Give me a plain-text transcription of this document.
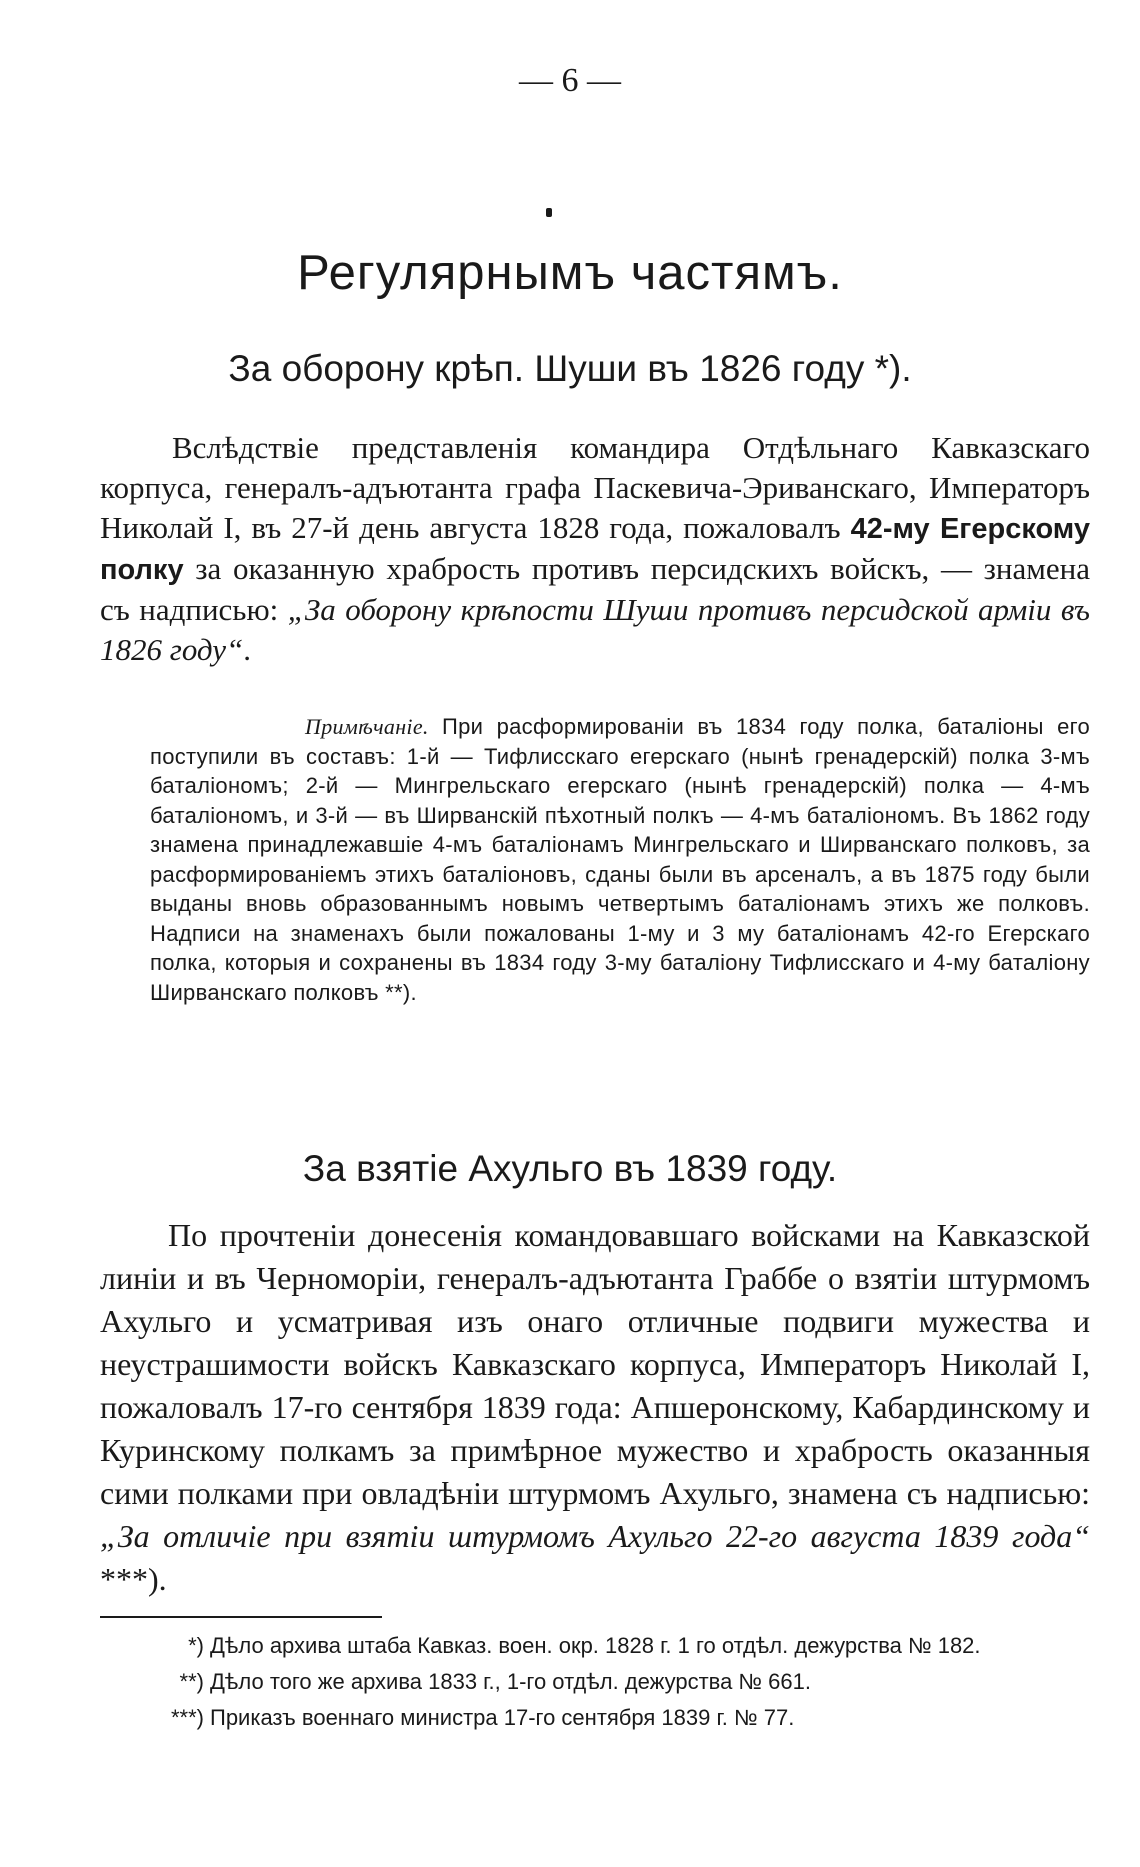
— 6 —
Регулярнымъ частямъ.
За оборону крѣп. Шуши въ 1826 году *).

Вслѣдствіе представленія командира Отдѣльнаго Кавказскаго корпуса, генералъ-адъютанта графа Паскевича-Эриванскаго, Императоръ Николай I, въ 27-й день августа 1828 года, пожаловалъ 42-му Егерскому полку за оказанную храбрость противъ персидскихъ войскъ, — знамена съ надписью: „За оборону крѣпости Шуши противъ персидской арміи въ 1826 году“.

Примѣчаніе. При расформированіи въ 1834 году полка, баталіоны его поступили въ составъ: 1-й — Тифлисскаго егерскаго (нынѣ гренадерскій) полка 3-мъ баталіономъ; 2-й — Мингрельскаго егерскаго (нынѣ гренадерскій) полка — 4-мъ баталіономъ, и 3-й — въ Ширванскій пѣхотный полкъ — 4-мъ баталіономъ. Въ 1862 году знамена принадлежавшіе 4-мъ баталіонамъ Мингрельскаго и Ширванскаго полковъ, за расформированіемъ этихъ баталіоновъ, сданы были въ арсеналъ, а въ 1875 году были выданы вновь образованнымъ новымъ четвертымъ баталіонамъ этихъ же полковъ. Надписи на знаменахъ были пожалованы 1-му и 3 му баталіонамъ 42-го Егерскаго полка, которыя и сохранены въ 1834 году 3-му баталіону Тифлисскаго и 4-му баталіону Ширванскаго полковъ **).

За взятіе Ахульго въ 1839 году.

По прочтеніи донесенія командовавшаго войсками на Кавказской линіи и въ Черноморіи, генералъ-адъютанта Граббе о взятіи штурмомъ Ахульго и усматривая изъ онаго отличные подвиги мужества и неустрашимости войскъ Кавказскаго корпуса, Императоръ Николай I, пожаловалъ 17-го сентября 1839 года: Апшеронскому, Кабардинскому и Куринскому полкамъ за примѣрное мужество и храбрость оказанныя сими полками при овладѣніи штурмомъ Ахульго, знамена съ надписью: „За отличіе при взятіи штурмомъ Ахульго 22-го августа 1839 года“ ***).

*) Дѣло архива штаба Кавказ. воен. окр. 1828 г. 1 го отдѣл. дежурства № 182.
**) Дѣло того же архива 1833 г., 1-го отдѣл. дежурства № 661.
***) Приказъ военнаго министра 17-го сентября 1839 г. № 77.
